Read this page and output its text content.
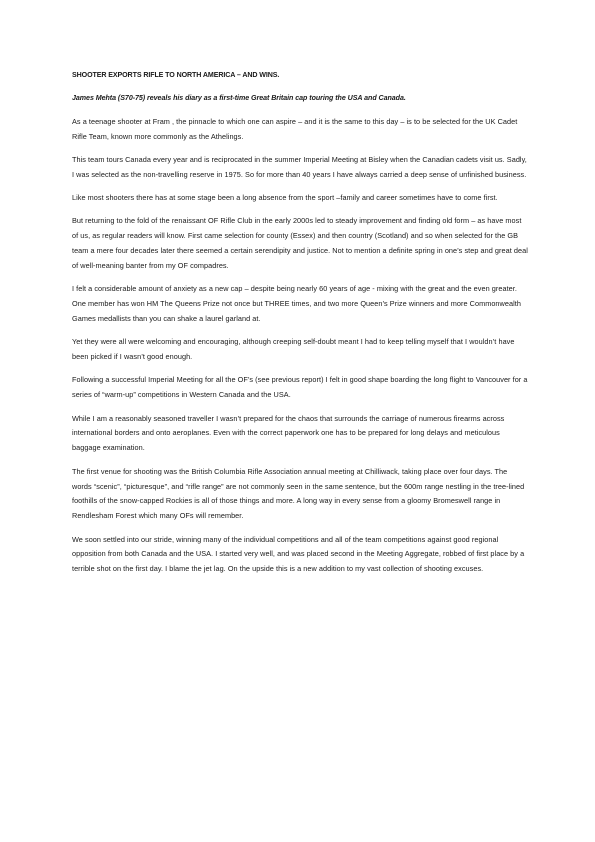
SHOOTER EXPORTS RIFLE TO NORTH AMERICA – AND WINS.

James Mehta (S70-75) reveals his diary as a first-time Great Britain cap touring the USA and Canada.

As a teenage shooter at Fram , the pinnacle to which one can aspire – and it is the same to this day – is to be selected for the UK Cadet Rifle Team, known more commonly as the Athelings.

This team tours Canada every year and is reciprocated in the summer Imperial Meeting at Bisley when the Canadian cadets visit us. Sadly, I was selected as the non-travelling reserve in 1975. So for more than 40 years I have always carried a deep sense of unfinished business.

Like most shooters there has at some stage been a long absence from the sport –family and career sometimes have to come first.

But returning to the fold of the renaissant OF Rifle Club in the early 2000s led to steady improvement and finding old form – as have most of us, as regular readers will know. First came selection for county (Essex) and then country (Scotland) and so when selected for the GB team a mere four decades later there seemed a certain serendipity and justice. Not to mention a definite spring in one’s step and great deal of well-meaning banter from my OF compadres.

I felt a considerable amount of anxiety as a new cap – despite being nearly 60 years of age - mixing with the great and the even greater. One member has won HM The Queens Prize not once but THREE times, and two more Queen’s Prize winners and more Commonwealth Games medallists than you can shake a laurel garland at.

Yet they were all were welcoming and encouraging, although creeping self-doubt meant I had to keep telling myself that I wouldn’t have been picked if I wasn’t good enough.

Following a successful Imperial Meeting for all the OF’s (see previous report) I felt in good shape boarding the long flight to Vancouver for a series of “warm-up” competitions in Western Canada and the USA.

While I am a reasonably seasoned traveller I wasn’t prepared for the chaos that surrounds the carriage of numerous firearms across international borders and onto aeroplanes. Even with the correct paperwork one has to be prepared for long delays and meticulous baggage examination.

The first venue for shooting was the British Columbia Rifle Association annual meeting at Chilliwack, taking place over four days. The words “scenic”, “picturesque”, and “rifle range” are not commonly seen in the same sentence, but the 600m range nestling in the tree-lined foothills of the snow-capped Rockies is all of those things and more. A long way in every sense from a gloomy Bromeswell range in Rendlesham Forest which many OFs will remember.

We soon settled into our stride, winning many of the individual competitions and all of the team competitions against good regional opposition from both Canada and the USA. I started very well, and was placed second in the Meeting Aggregate, robbed of first place by a terrible shot on the first day. I blame the jet lag. On the upside this is a new addition to my vast collection of shooting excuses.
